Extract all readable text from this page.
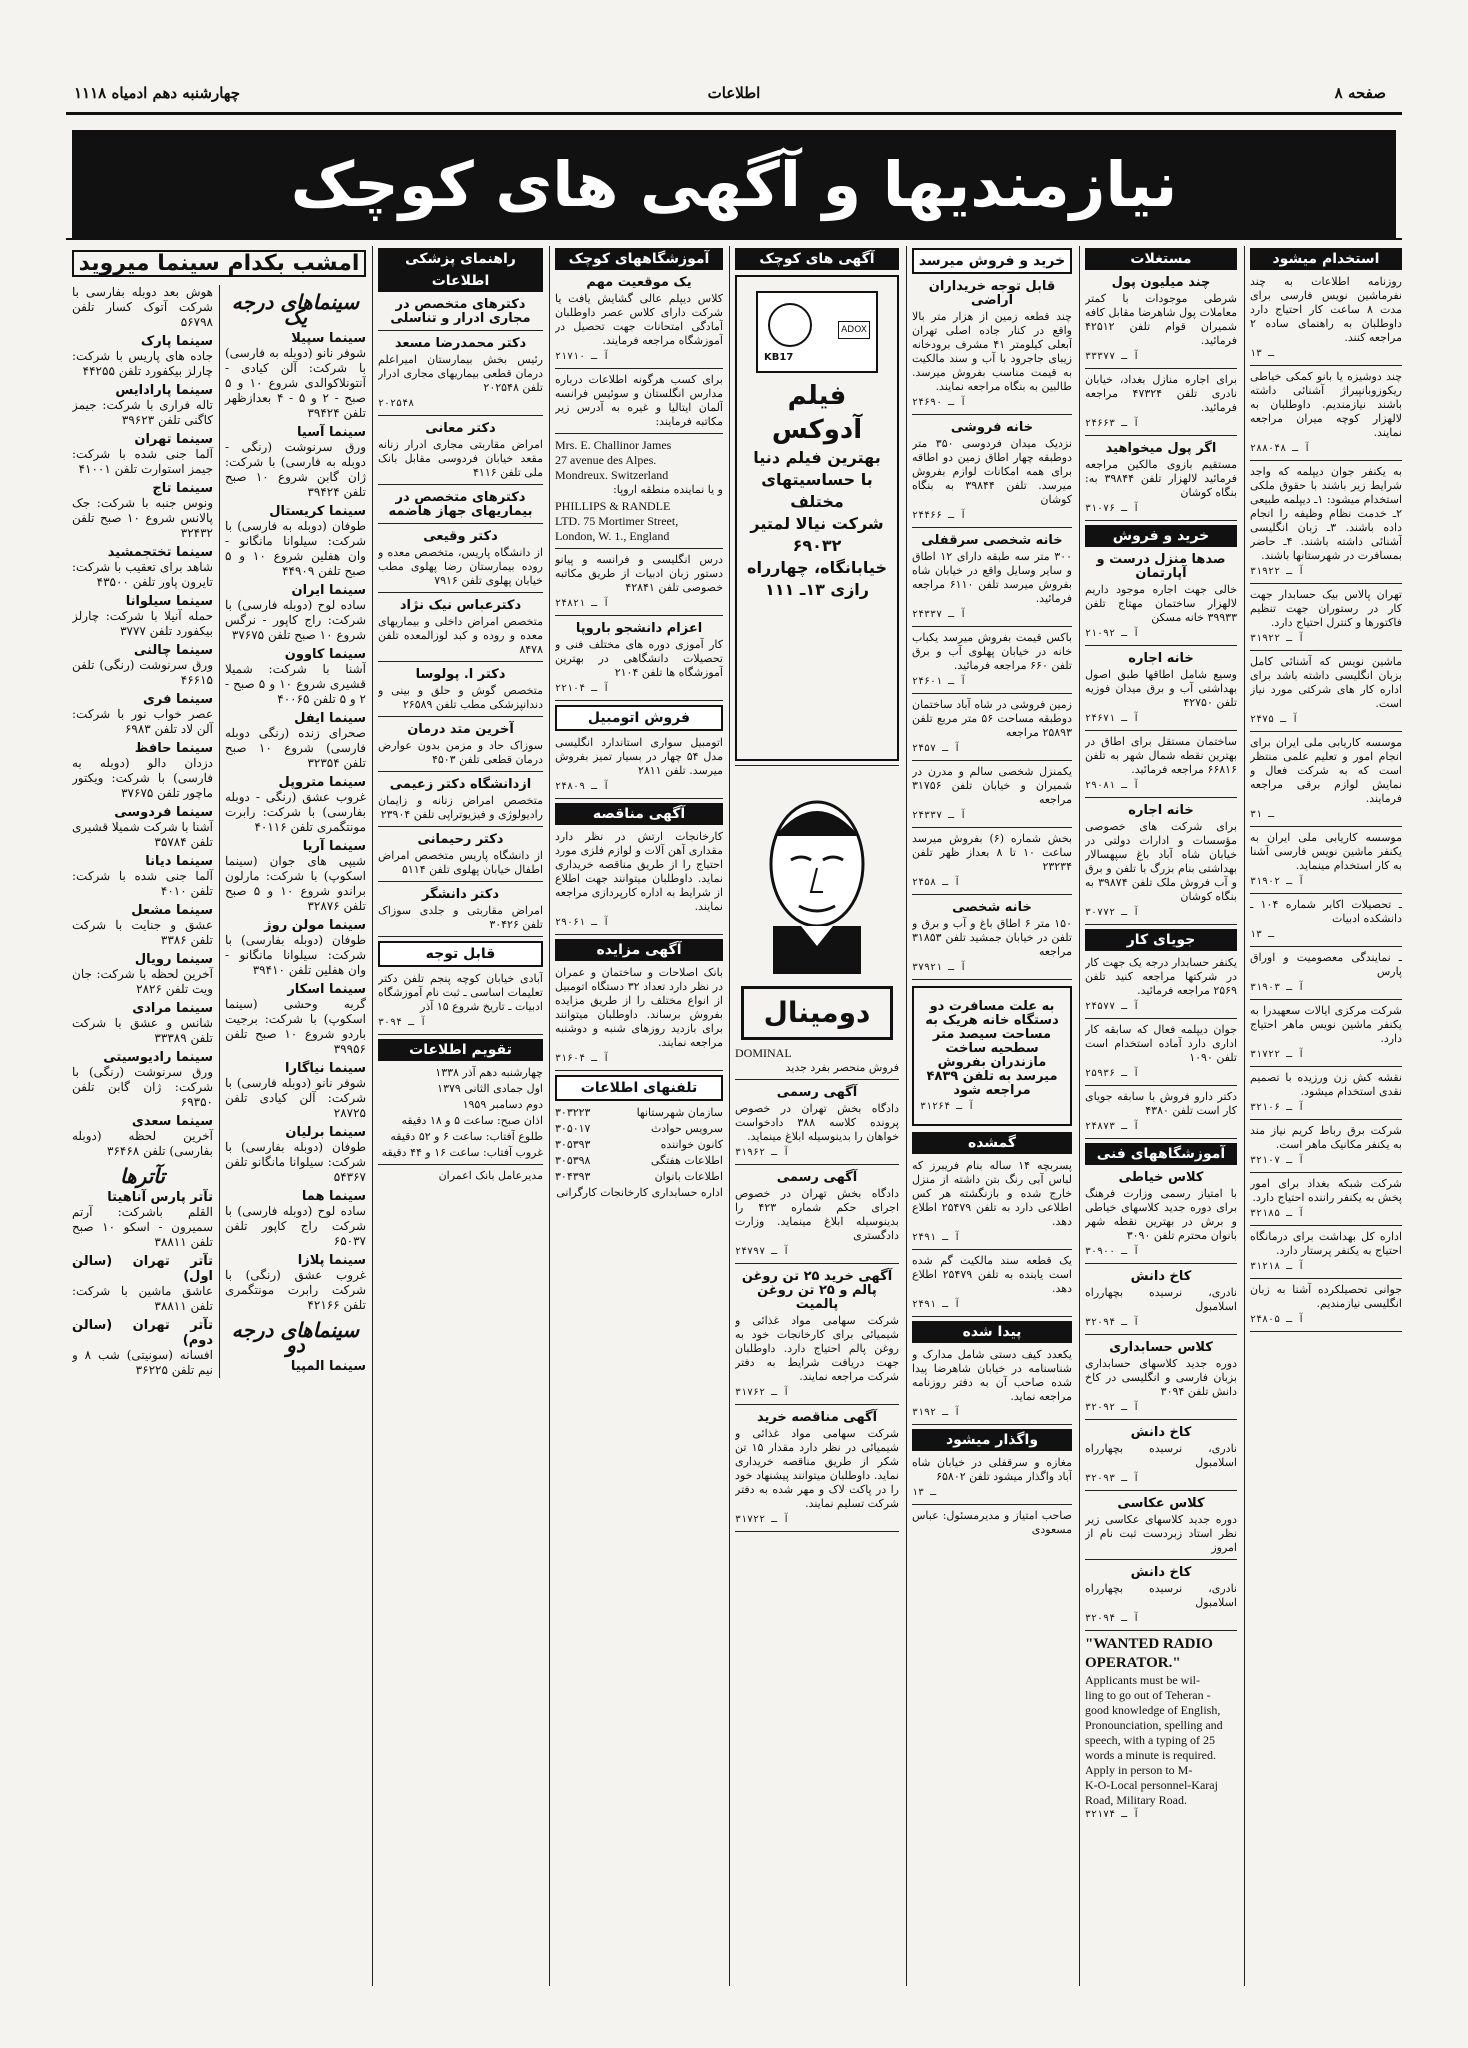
صفحه ۸
اطلاعات
چهارشنبه دهم ادمیاه ۱۱۱۸
نیازمندیها و آگهی های کوچک
استخدام میشود
روزنامه اطلاعات به چند نفرماشین نویس فارسی برای مدت ۸ ساعت کار احتیاج دارد داوطلبان به راهنمای ساده ۲ مراجعه کنند.
۱ـ ۳
چند دوشیزه یا بانو کمکی خیاطی ریکوزوبانپیراژ آشنائی داشته باشند نیازمندیم. داوطلبان به لالهزار کوچه میران مراجعه نمایند.
آ ـ ۲۸۸۰۴۸
به یکنفر جوان دیپلمه که واجد شرایط زیر باشند با حقوق ملکی استخدام میشود: ۱ـ دیپلمه طبیعی ۲ـ خدمت نظام وظیفه را انجام داده باشند. ۳ـ زبان انگلیسی آشنائی داشته باشند. ۴ـ حاضر بمسافرت در شهرستانها باشند.
آ ـ ۳۱۹۲۲
تهران پالاس بیک حسابدار جهت کار در رستوران جهت تنظیم فاکتورها و کنترل احتیاج دارد.
آ ـ ۳۱۹۲۲
ماشین نویس که آشنائی کامل بزبان انگلیسی داشته باشد برای اداره کار های شرکتی مورد نیاز است.
آ ـ ۲۴۷۵
موسسه کاریابی ملی ایران برای انجام امور و تعلیم علمی منتظر است که به شرکت فعال و نمایش لوازم برقی مراجعه فرمایند.
۳ـ ۱
موسسه کاریابی ملی ایران به یکنفر ماشین نویس فارسی آشنا به کار استخدام مینماید.
آ ـ ۳۱۹۰۲
ـ تحصیلات اکابر شماره ۱۰۴ ـ دانشکده ادبیات
۱ـ ۳
ـ نمایندگی معصومیت و اوراق پارس
آ ـ ۳۱۹۰۳
شرکت مرکزی ایالات سعهیدرا به یکنفر ماشین نویس ماهر احتیاج دارد.
آ ـ ۳۱۷۲۲
نقشه کش زن ورزیده با تصمیم نقدی استخدام میشود.
آ ـ ۳۲۱۰۶
شرکت برق رباط کریم نیاز مند به یکنفر مکانیک ماهر است.
آ ـ ۳۲۱۰۷
شرکت شبکه بغداد برای امور پخش به یکنفر راننده احتیاج دارد.
آ ـ ۳۲۱۸۵
اداره کل بهداشت برای درمانگاه احتیاج به یکنفر پرستار دارد.
آ ـ ۳۱۲۱۸
جوانی تحصیلکرده آشنا به زبان انگلیسی نیازمندیم.
آ ـ ۲۴۸۰۵
مستغلات
چند میلیون پول
شرطی موجودات با کمتر معاملات پول شاهرضا مقابل کافه شمیران قوام تلفن ۴۲۵۱۲ فرمائید.
آ ـ ۳۳۳۷۷
برای اجاره منازل بغداد، خیابان نادری تلفن ۴۷۳۲۴ مراجعه فرمائید.
آ ـ ۲۴۶۶۳
اگر پول میخواهید
مستقیم بازوی مالکین مراجعه فرمائید لالهزار تلفن ۳۹۸۴۴ به: بنگاه کوشان
آ ـ ۳۱۰۷۶
خرید و فروش
صدها منزل درست و آپارتمان
خالی جهت اجاره موجود داریم لالهزار ساختمان مهتاج تلفن ۳۹۹۳۳ خانه مسکن
آ ـ ۲۱۰۹۲
خانه اجاره
وسیع شامل اطاقها طبق اصول بهداشتی آب و برق میدان فوزیه تلفن ۴۲۷۵۰
آ ـ ۲۴۶۷۱
ساختمان مستقل برای اطاق در بهترین نقطه شمال شهر به تلفن ۶۶۸۱۶ مراجعه فرمائید.
آ ـ ۲۹۰۸۱
خانه اجاره
برای شرکت های خصوصی مؤسسات و ادارات دولتی در خیابان شاه آباد باغ سپهسالار بهداشتی بنام بزرگ با تلفن و برق و آب فروش ملک تلفن ۳۹۸۷۴ به بنگاه کوشان
آ ـ ۳۰۷۷۲
جویای کار
یکنفر حسابدار درجه یک جهت کار در شرکتها مراجعه کنید تلفن ۲۵۶۹ مراجعه فرمائید.
آ ـ ۲۴۵۷۷
جوان دیپلمه فعال که سابقه کار اداری دارد آماده استخدام است تلفن ۱۰۹۰
آ ـ ۲۵۹۳۶
دکتر دارو فروش با سابقه جویای کار است تلفن ۴۳۸۰
آ ـ ۲۴۸۷۳
آموزشگاههای فنی
کلاس خیاطی
با امتیاز رسمی وزارت فرهنگ برای دوره جدید کلاسهای خیاطی و برش در بهترین نقطه شهر بانوان محترم تلفن ۳۰۹۰
آ ـ ۳۰۹۰۰
کاخ دانش
نادری، نرسیده بچهارراه اسلامبول
آ ـ ۳۲۰۹۴
کلاس حسابداری
دوره جدید کلاسهای حسابداری بزبان فارسی و انگلیسی در کاخ دانش تلفن ۳۰۹۴
آ ـ ۳۲۰۹۲
کاخ دانش
نادری، نرسیده بچهارراه اسلامبول
آ ـ ۳۲۰۹۳
کلاس عکاسی
دوره جدید کلاسهای عکاسی زیر نظر استاد زبردست ثبت نام از امروز
کاخ دانش
نادری، نرسیده بچهارراه اسلامبول
آ ـ ۳۲۰۹۴
"WANTED RADIO
OPERATOR."
Applicants must be wil-
ling to go out of Teheran -
good knowledge of English,
Pronounciation, spelling and
speech, with a typing of 25
words a minute is required.
Apply in person to M-
K-O-Local personnel-Karaj
Road, Military Road.
آ ـ ۳۲۱۷۴
خرید و فروش میرسد
قابل توجه خریداران اراضی
چند قطعه زمین از هزار متر بالا واقع در کنار جاده اصلی تهران آبعلی کیلومتر ۴۱ مشرف برودخانه زیبای جاجرود با آب و سند مالکیت به قیمت مناسب بفروش میرسد. طالبین به بنگاه مراجعه نمایند.
آ ـ ۲۴۶۹۰
خانه فروشی
نزدیک میدان فردوسی ۳۵۰ متر دوطبقه چهار اطاق زمین دو اطاقه برای همه امکانات لوازم بفروش میرسد. تلفن ۳۹۸۴۴ به بنگاه کوشان
آ ـ ۲۴۴۶۶
خانه شخصی سرقفلی
۳۰۰ متر سه طبقه دارای ۱۲ اطاق و سایر وسایل واقع در خیابان شاه بفروش میرسد تلفن ۶۱۱۰ مراجعه فرمائید.
آ ـ ۲۴۳۳۷
باکس قیمت بفروش میرسد یکباب خانه در خیابان پهلوی آب و برق تلفن ۶۶۰ مراجعه فرمائید.
آ ـ ۲۴۶۰۱
زمین فروشی در شاه آباد ساختمان دوطبقه مساحت ۵۶ متر مربع تلفن ۲۵۸۹۳ مراجعه
آ ـ ۲۴۵۷
یکمنزل شخصی سالم و مدرن در شمیران و خیابان تلفن ۳۱۷۵۶ مراجعه
آ ـ ۲۴۳۳۷
بخش شماره (۶) بفروش میرسد ساعت ۱۰ تا ۸ بعداز ظهر تلفن ۲۳۲۳۴
آ ـ ۲۴۵۸
خانه شخصی
۱۵۰ متر ۶ اطاق باغ و آب و برق و تلفن در خیابان جمشید تلفن ۳۱۸۵۳ مراجعه
آ ـ ۳۷۹۲۱
به علت مسافرت دو دستگاه خانه هریک به مساحت سیصد متر سطحیه ساخت مازندران بفروش میرسد به تلفن ۴۸۳۹ مراجعه شود
آ ـ ۳۱۲۶۴
گمشده
پسربچه ۱۴ ساله بنام فریبرز که لباس آبی رنگ بتن داشته از منزل خارج شده و بازنگشته هر کس اطلاعی دارد به تلفن ۲۵۴۷۹ اطلاع دهد.
آ ـ ۲۴۹۱
یک قطعه سند مالکیت گم شده است یابنده به تلفن ۲۵۴۷۹ اطلاع دهد.
آ ـ ۲۴۹۱
پیدا شده
یکعدد کیف دستی شامل مدارک و شناسنامه در خیابان شاهرضا پیدا شده صاحب آن به دفتر روزنامه مراجعه نماید.
آ ـ ۳۱۹۲
واگذار میشود
مغازه و سرقفلی در خیابان شاه آباد واگذار میشود تلفن ۶۵۸۰۲
۱ـ ۳
صاحب امتیاز و مدیرمسئول: عباس مسعودی
آگهی های کوچک
ADOX
KB17
فیلم آدوکس
بهترین فیلم دنیا
با حساسیتهای مختلف
شرکت نیالا لمتیر ۶۹۰۳۲
خیابانگاه، چهارراه رازی ۱۳ـ ۱۱۱
دومینال
DOMINAL
فروش منحصر بفرد جدید
آگهی رسمی
دادگاه بخش تهران در خصوص پرونده کلاسه ۳۸۸ دادخواست خواهان را بدینوسیله ابلاغ مینماید.
آ ـ ۳۱۹۶۲
آگهی رسمی
دادگاه بخش تهران در خصوص اجرای حکم شماره ۴۲۳ را بدینوسیله ابلاغ مینماید. وزارت دادگستری
آ ـ ۲۴۷۹۷
آگهی خرید ۲۵ تن روغن پالم و ۲۵ تن روغن پالمیت
شرکت سهامی مواد غذائی و شیمیائی برای کارخانجات خود به روغن پالم احتیاج دارد. داوطلبان جهت دریافت شرایط به دفتر شرکت مراجعه نمایند.
آ ـ ۳۱۷۶۲
آگهی مناقصه خرید
شرکت سهامی مواد غذائی و شیمیائی در نظر دارد مقدار ۱۵ تن شکر از طریق مناقصه خریداری نماید. داوطلبان میتوانند پیشنهاد خود را در پاکت لاک و مهر شده به دفتر شرکت تسلیم نمایند.
آ ـ ۳۱۷۲۲
آموزشگاههای کوچک
یک موقعیت مهم
کلاس دیپلم عالی گشایش یافت یا شرکت دارای کلاس عصر داوطلبان آمادگی امتحانات جهت تحصیل در آموزشگاه مراجعه فرمایند.
آ ـ ۲۱۷۱۰
برای کسب هرگونه اطلاعات درباره مدارس انگلستان و سوئیس فرانسه آلمان ایتالیا و غیره به آدرس زیر مکاتبه فرمایند:
Mrs. E. Challinor James
27 avenue des Alpes.
Mondreux. Switzerland
و یا نماینده منطقه اروپا:
PHILLIPS & RANDLE
LTD. 75 Mortimer Street,
London, W. 1., England
درس انگلیسی و فرانسه و پیانو دستور زبان ادبیات از طریق مکاتبه خصوصی تلفن ۴۲۸۴۱
آ ـ ۲۴۸۲۱
اعزام دانشجو باروپا
کار آموزی دوره های مختلف فنی و تحصیلات دانشگاهی در بهترین آموزشگاه ها تلفن ۲۱۰۴
آ ـ ۲۲۱۰۴
فروش اتومبیل
اتومبیل سواری استاندارد انگلیسی مدل ۵۴ چهار در بسیار تمیز بفروش میرسد. تلفن ۲۸۱۱
آ ـ ۲۴۸۰۹
آگهی مناقصه
کارخانجات ارتش در نظر دارد مقداری آهن آلات و لوازم فلزی مورد احتیاج را از طریق مناقصه خریداری نماید. داوطلبان میتوانند جهت اطلاع از شرایط به اداره کارپردازی مراجعه نمایند.
آ ـ ۲۹۰۶۱
آگهی مزایده
بانک اصلاحات و ساختمان و عمران در نظر دارد تعداد ۳۲ دستگاه اتومبیل از انواع مختلف را از طریق مزایده بفروش برساند. داوطلبان میتوانند برای بازدید روزهای شنبه و دوشنبه مراجعه نمایند.
آ ـ ۳۱۶۰۴
تلفنهای اطلاعات
سازمان شهرستانها
۳۰۳۲۲۳
سرویس حوادث
۳۰۵۰۱۷
کانون خواننده
۳۰۵۳۹۳
اطلاعات هفتگی
۳۰۵۳۹۸
اطلاعات بانوان
۳۰۴۳۹۳
اداره حسابداری کارخانجات کارگرانی
راهنمای پزشکی اطلاعات
دکترهای متخصص در مجاری ادرار و تناسلی
دکتر محمدرضا مسعد
رئیس بخش بیمارستان امیراعلم درمان قطعی بیماریهای مجاری ادرار تلفن ۲۰۲۵۴۸
۲۰۲۵۴۸
دکتر معانی
امراض مقاربتی مجاری ادرار زنانه مقعد خیابان فردوسی مقابل بانک ملی تلفن ۴۱۱۶
دکترهای متخصص در بیماریهای جهاز هاضمه
دکتر وقیعی
از دانشگاه پاریس، متخصص معده و روده بیمارستان رضا پهلوی مطب خیابان پهلوی تلفن ۷۹۱۶
دکترعباس نیک نژاد
متخصص امراض داخلی و بیماریهای معده و روده و کبد لوزالمعده تلفن ۸۴۷۸
دکتر ا. پولوسا
متخصص گوش و حلق و بینی و دندانپزشکی مطب تلفن ۲۶۵۸۹
آخرین متد درمان
سوزاک حاد و مزمن بدون عوارض درمان قطعی تلفن ۴۵۰۳
ازدانشگاه دکتر زعیمی
متخصص امراض زنانه و زایمان رادیولوژی و فیزیوتراپی تلفن ۲۳۹۰۴
دکتر رحیمانی
از دانشگاه پاریس متخصص امراض اطفال خیابان پهلوی تلفن ۵۱۱۴
دکتر دانشگر
امراض مقاربتی و جلدی سوزاک تلفن ۳۰۴۲۶
قابل توجه
آبادی خیابان کوچه پنجم تلفن دکتر تعلیمات اساسی ـ ثبت نام آموزشگاه ادبیات ـ تاریخ شروع ۱۵ آذر
آ ـ ۳۰۹۴
تقویم اطلاعات
چهارشنبه دهم آذر ۱۳۳۸
اول جمادی الثانی ۱۳۷۹
دوم دسامبر ۱۹۵۹
اذان صبح: ساعت ۵ و ۱۸ دقیقه
طلوع آفتاب: ساعت ۶ و ۵۲ دقیقه
غروب آفتاب: ساعت ۱۶ و ۴۴ دقیقه
مدیرعامل بانک اعمران
امشب بکدام سینما میروید
سینماهای درجه یک
سینما سپیلا
شوفر نانو (دوبله به فارسی) با شرکت: آلن کیادی - آنتونلاکوالدی شروع ۱۰ و ۵ صبح - ۲ و ۵ - ۴ بعدازظهر تلفن ۳۹۴۲۴
سینما آسیا
ورق سرنوشت (رنگی - دوبله به فارسی) با شرکت: ژان گابن شروع ۱۰ صبح تلفن ۳۹۴۲۴
سینما کریستال
طوفان (دوبله به فارسی) با شرکت: سیلوانا مانگانو - وان هفلین شروع ۱۰ و ۵ صبح تلفن ۴۴۹۰۹
سینما ایران
ساده لوح (دوبله فارسی) با شرکت: راج کاپور - نرگس شروع ۱۰ صبح تلفن ۳۷۶۷۵
سینما کاوون
آشنا با شرکت: شمیلا قشیری شروع ۱۰ و ۵ صبح - ۲ و ۵ تلفن ۴۰۰۶۵
سینما ایفل
صحرای زنده (رنگی دوبله فارسی) شروع ۱۰ صبح تلفن ۳۲۳۵۴
سینما متروپل
غروب عشق (رنگی - دوبله بفارسی) با شرکت: رابرت مونتگمری تلفن ۴۰۱۱۶
سینما آریا
شیپی های جوان (سینما اسکوپ) با شرکت: مارلون براندو شروع ۱۰ و ۵ صبح تلفن ۳۲۸۷۶
سینما مولن روژ
طوفان (دوبله بفارسی) با شرکت: سیلوانا مانگانو - وان هفلین تلفن ۳۹۴۱۰
سینما اسکار
گربه وحشی (سینما اسکوپ) با شرکت: برجیت باردو شروع ۱۰ صبح تلفن ۳۹۹۵۶
سینما نیاگارا
شوفر نانو (دوبله فارسی) با شرکت: آلن کیادی تلفن ۲۸۷۲۵
سینما برلیان
طوفان (دوبله بفارسی) با شرکت: سیلوانا مانگانو تلفن ۵۴۳۶۷
سینما هما
ساده لوح (دوبله فارسی) با شرکت راج کاپور تلفن ۶۵۰۳۷
سینما پلازا
غروب عشق (رنگی) با شرکت رابرت مونتگمری تلفن ۴۲۱۶۶
سینماهای درجه دو
سینما المپیا
هوش بعد دوبله بفارسی با شرکت آتوک کسار تلفن ۵۶۷۹۸
سینما پارک
جاده های پاریس با شرکت: چارلز بیکفورد تلفن ۴۴۲۵۵
سینما پارادایس
تاله فراری با شرکت: جیمز کاگنی تلفن ۳۹۶۲۳
سینما تهران
آلما جنی شده با شرکت: جیمز استوارت تلفن ۴۱۰۰۱
سینما تاج
ونوس جنبه با شرکت: جک پالانس شروع ۱۰ صبح تلفن ۳۲۴۳۲
سینما تختجمشید
شاهد برای تعقیب با شرکت: تایرون پاور تلفن ۴۳۵۰۰
سینما سیلوانا
حمله آنیلا با شرکت: چارلز بیکفورد تلفن ۳۷۷۷
سینما چالنی
ورق سرنوشت (رنگی) تلفن ۴۶۶۱۵
سینما فری
عصر خواب نور با شرکت: آلن لاد تلفن ۶۹۸۳
سینما حافظ
دزدان دالو (دوبله به فارسی) با شرکت: ویکتور ماچور تلفن ۳۷۶۷۵
سینما فردوسی
آشنا با شرکت شمیلا قشیری تلفن ۳۵۷۸۴
سینما دیانا
آلما جنی شده با شرکت: تلفن ۴۰۱۰
سینما مشعل
عشق و جنایت با شرکت تلفن ۳۳۸۶
سینما رویال
آخرین لحظه با شرکت: جان ویت تلفن ۲۸۲۶
سینما مرادی
شانس و عشق با شرکت تلفن ۳۳۳۸۹
سینما رادیوسیتی
ورق سرنوشت (رنگی) با شرکت: ژان گابن تلفن ۶۹۳۵۰
سینما سعدی
آخرین لحظه (دوبله بفارسی) تلفن ۳۶۴۶۸
تآترها
تآتر پارس آناهیتا
القلم باشرکت: آرتم سمیرون - اسکو ۱۰ صبح تلفن ۳۸۸۱۱
تآتر تهران (سالن اول)
عاشق ماشین با شرکت: تلفن ۳۸۸۱۱
تآتر تهران (سالن دوم)
افسانه (سونیتی) شب ۸ و نیم تلفن ۳۶۲۲۵
